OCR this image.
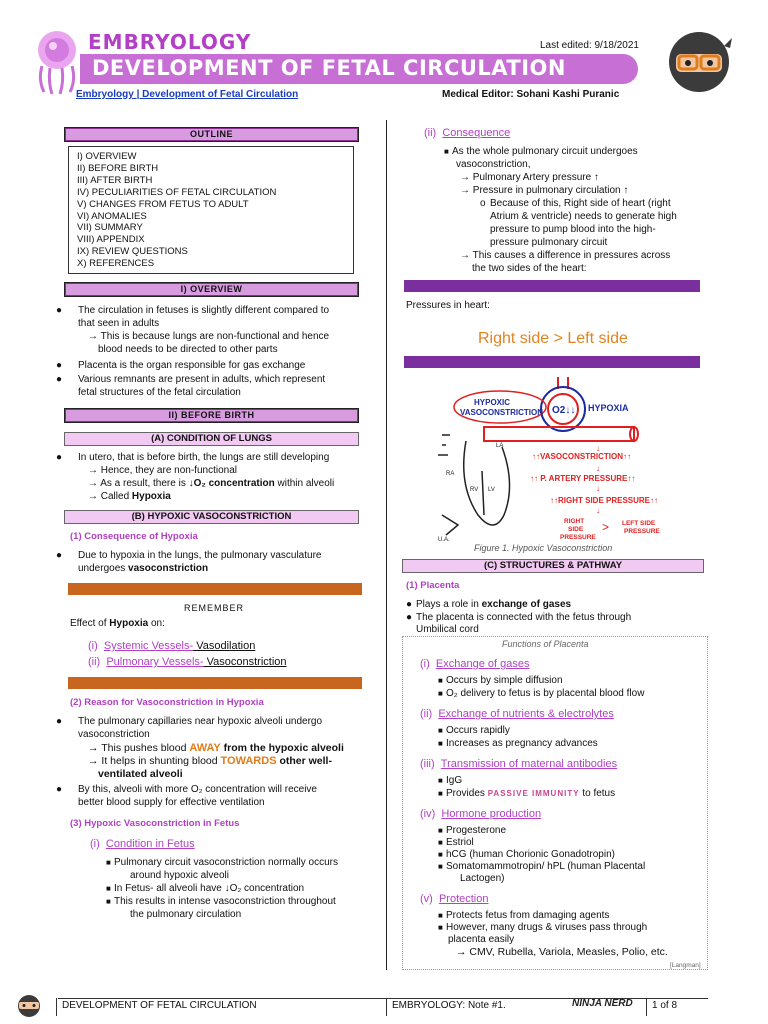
EMBRYOLOGY
DEVELOPMENT OF FETAL CIRCULATION
Last edited: 9/18/2021
Embryology | Development of Fetal Circulation	Medical Editor: Sohani Kashi Puranic
OUTLINE
I) OVERVIEW
II) BEFORE BIRTH
III) AFTER BIRTH
IV) PECULIARITIES OF FETAL CIRCULATION
V) CHANGES FROM FETUS TO ADULT
VI) ANOMALIES
VII) SUMMARY
VIII) APPENDIX
IX) REVIEW QUESTIONS
X) REFERENCES
I) OVERVIEW
● The circulation in fetuses is slightly different compared to
that seen in adults
→ This is because lungs are non-functional and hence
blood needs to be directed to other parts
● Placenta is the organ responsible for gas exchange
● Various remnants are present in adults, which represent
fetal structures of the fetal circulation
II) BEFORE BIRTH
(A) CONDITION OF LUNGS
● In utero, that is before birth, the lungs are still developing
→ Hence, they are non-functional
→ As a result, there is ↓O₂ concentration within alveoli
→ Called Hypoxia
(B) HYPOXIC VASOCONSTRICTION
(1) Consequence of Hypoxia
● Due to hypoxia in the lungs, the pulmonary vasculature
undergoes vasoconstriction
REMEMBER
Effect of Hypoxia on:
(i) Systemic Vessels- Vasodilation
(ii) Pulmonary Vessels- Vasoconstriction
(2) Reason for Vasoconstriction in Hypoxia
● The pulmonary capillaries near hypoxic alveoli undergo
vasoconstriction
→ This pushes blood AWAY from the hypoxic alveoli
→ It helps in shunting blood TOWARDS other well-
ventilated alveoli
● By this, alveoli with more O₂ concentration will receive
better blood supply for effective ventilation
(3) Hypoxic Vasoconstriction in Fetus
(i) Condition in Fetus
■ Pulmonary circuit vasoconstriction normally occurs
around hypoxic alveoli
■ In Fetus- all alveoli have ↓O₂ concentration
■ This results in intense vasoconstriction throughout
the pulmonary circulation
(ii) Consequence
■ As the whole pulmonary circuit undergoes
vasoconstriction,
→ Pulmonary Artery pressure ↑
→ Pressure in pulmonary circulation ↑
o Because of this, Right side of heart (right
Atrium & ventricle) needs to generate high
pressure to pump blood into the high-
pressure pulmonary circuit
→ This causes a difference in pressures across
the two sides of the heart:
Pressures in heart:
Right side > Left side
O2↓↓ HYPOXIA
HYPOXIC
VASOCONSTRICTION
LA
RA
RV LV
U.A.
↓
↑↑VASOCONSTRICTION↑↑
↓
↑↑ P. ARTERY PRESSURE↑↑
↓
↑↑RIGHT SIDE PRESSURE↑↑
↓
RIGHT
SIDE
PRESSURE
> LEFT SIDE
PRESSURE
Figure 1. Hypoxic Vasoconstriction
(C) STRUCTURES & PATHWAY
(1) Placenta
● Plays a role in exchange of gases
● The placenta is connected with the fetus through
Umbilical cord
Functions of Placenta
(i) Exchange of gases
■ Occurs by simple diffusion
■ O₂ delivery to fetus is by placental blood flow
(ii) Exchange of nutrients & electrolytes
■ Occurs rapidly
■ Increases as pregnancy advances
(iii) Transmission of maternal antibodies
■ IgG
■ Provides PASSIVE IMMUNITY to fetus
(iv) Hormone production
■ Progesterone
■ Estriol
■ hCG (human Chorionic Gonadotropin)
■ Somatomammotropin/ hPL (human Placental
Lactogen)
(v) Protection
■ Protects fetus from damaging agents
■ However, many drugs & viruses pass through
placenta easily
→ CMV, Rubella, Variola, Measles, Polio, etc.
[Langman]
DEVELOPMENT OF FETAL CIRCULATION	EMBRYOLOGY: Note #1.	NINJA NERD 1 of 8
